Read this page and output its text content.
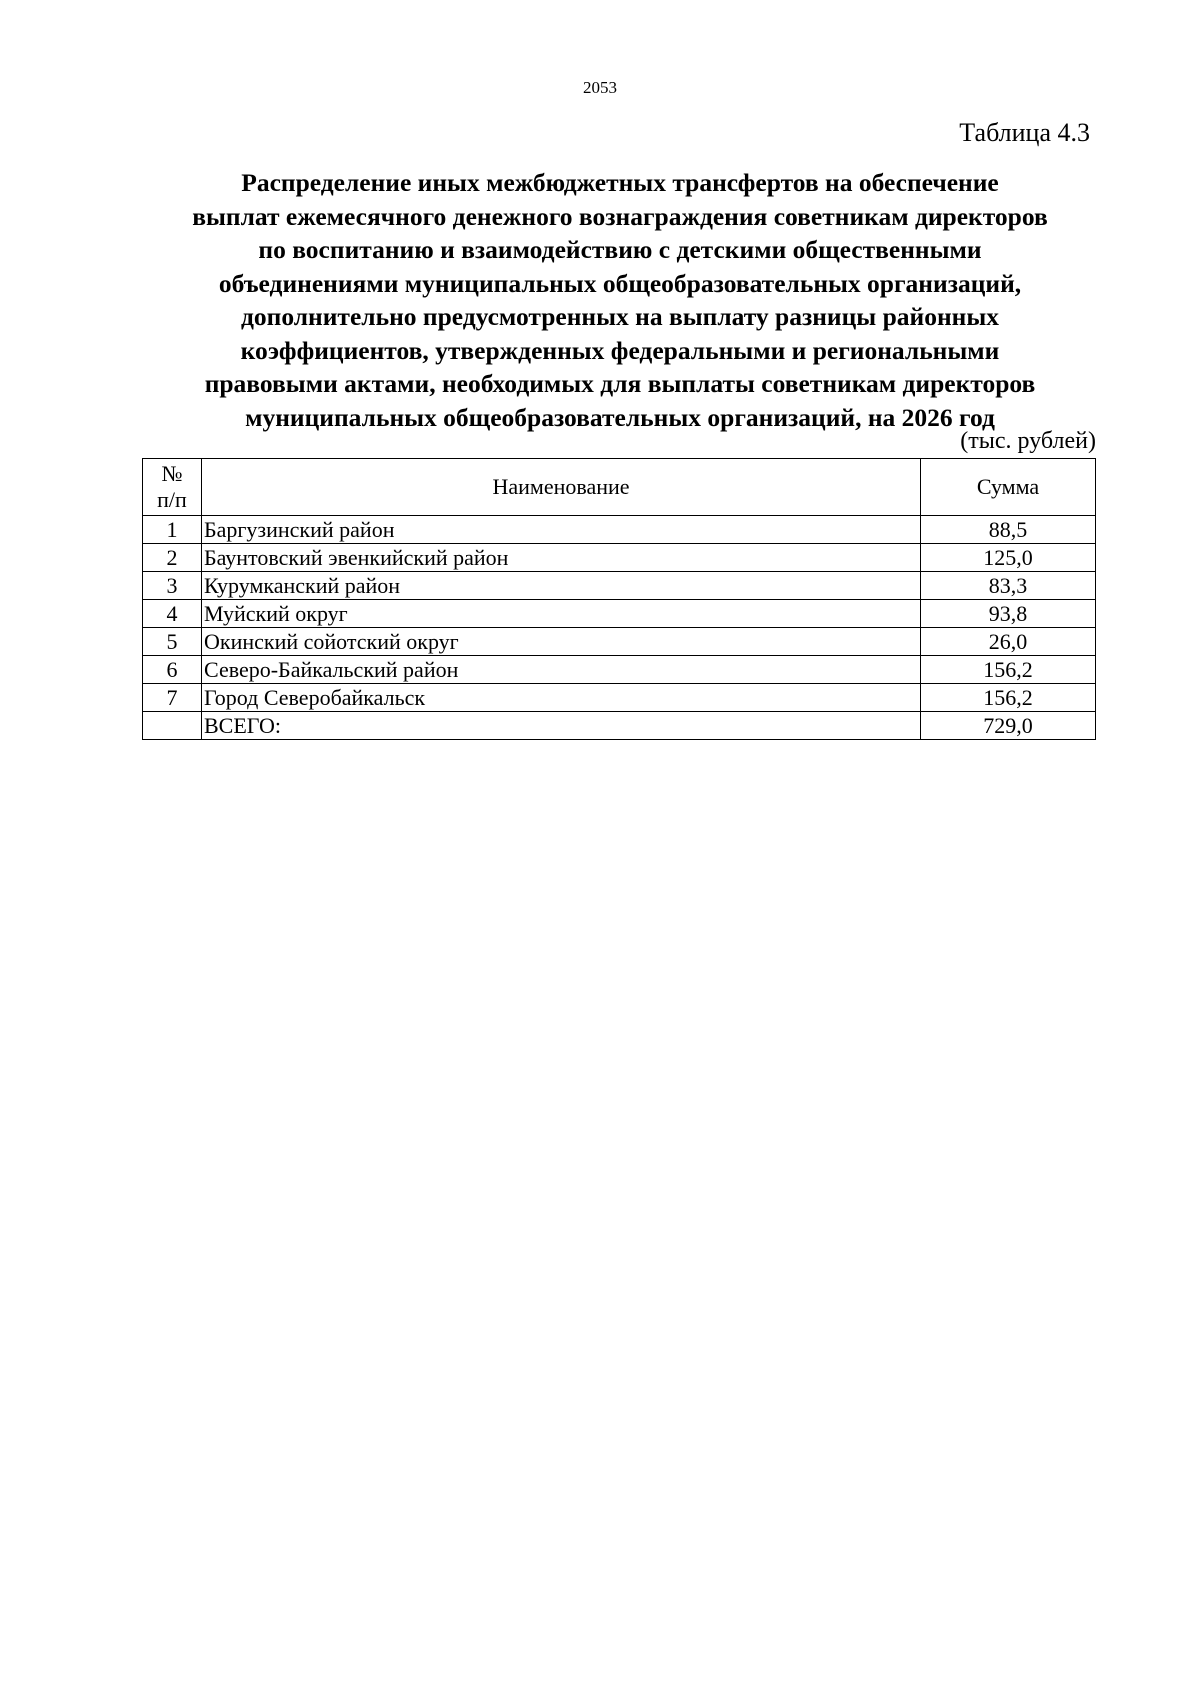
2053
Таблица 4.3
Распределение иных межбюджетных трансфертов на обеспечение
выплат ежемесячного денежного вознаграждения советникам директоров
по воспитанию и взаимодействию с детскими общественными
объединениями муниципальных общеобразовательных организаций,
дополнительно предусмотренных на выплату разницы районных
коэффициентов, утвержденных федеральными и региональными
правовыми актами, необходимых для выплаты советникам директоров
муниципальных общеобразовательных организаций, на 2026 год
(тыс. рублей)
№
п/п	Наименование	Сумма
1	Баргузинский район	88,5
2	Баунтовский эвенкийский район	125,0
3	Курумканский район	83,3
4	Муйский округ	93,8
5	Окинский сойотский округ	26,0
6	Северо-Байкальский район	156,2
7	Город Северобайкальск	156,2
	ВСЕГО:	729,0
